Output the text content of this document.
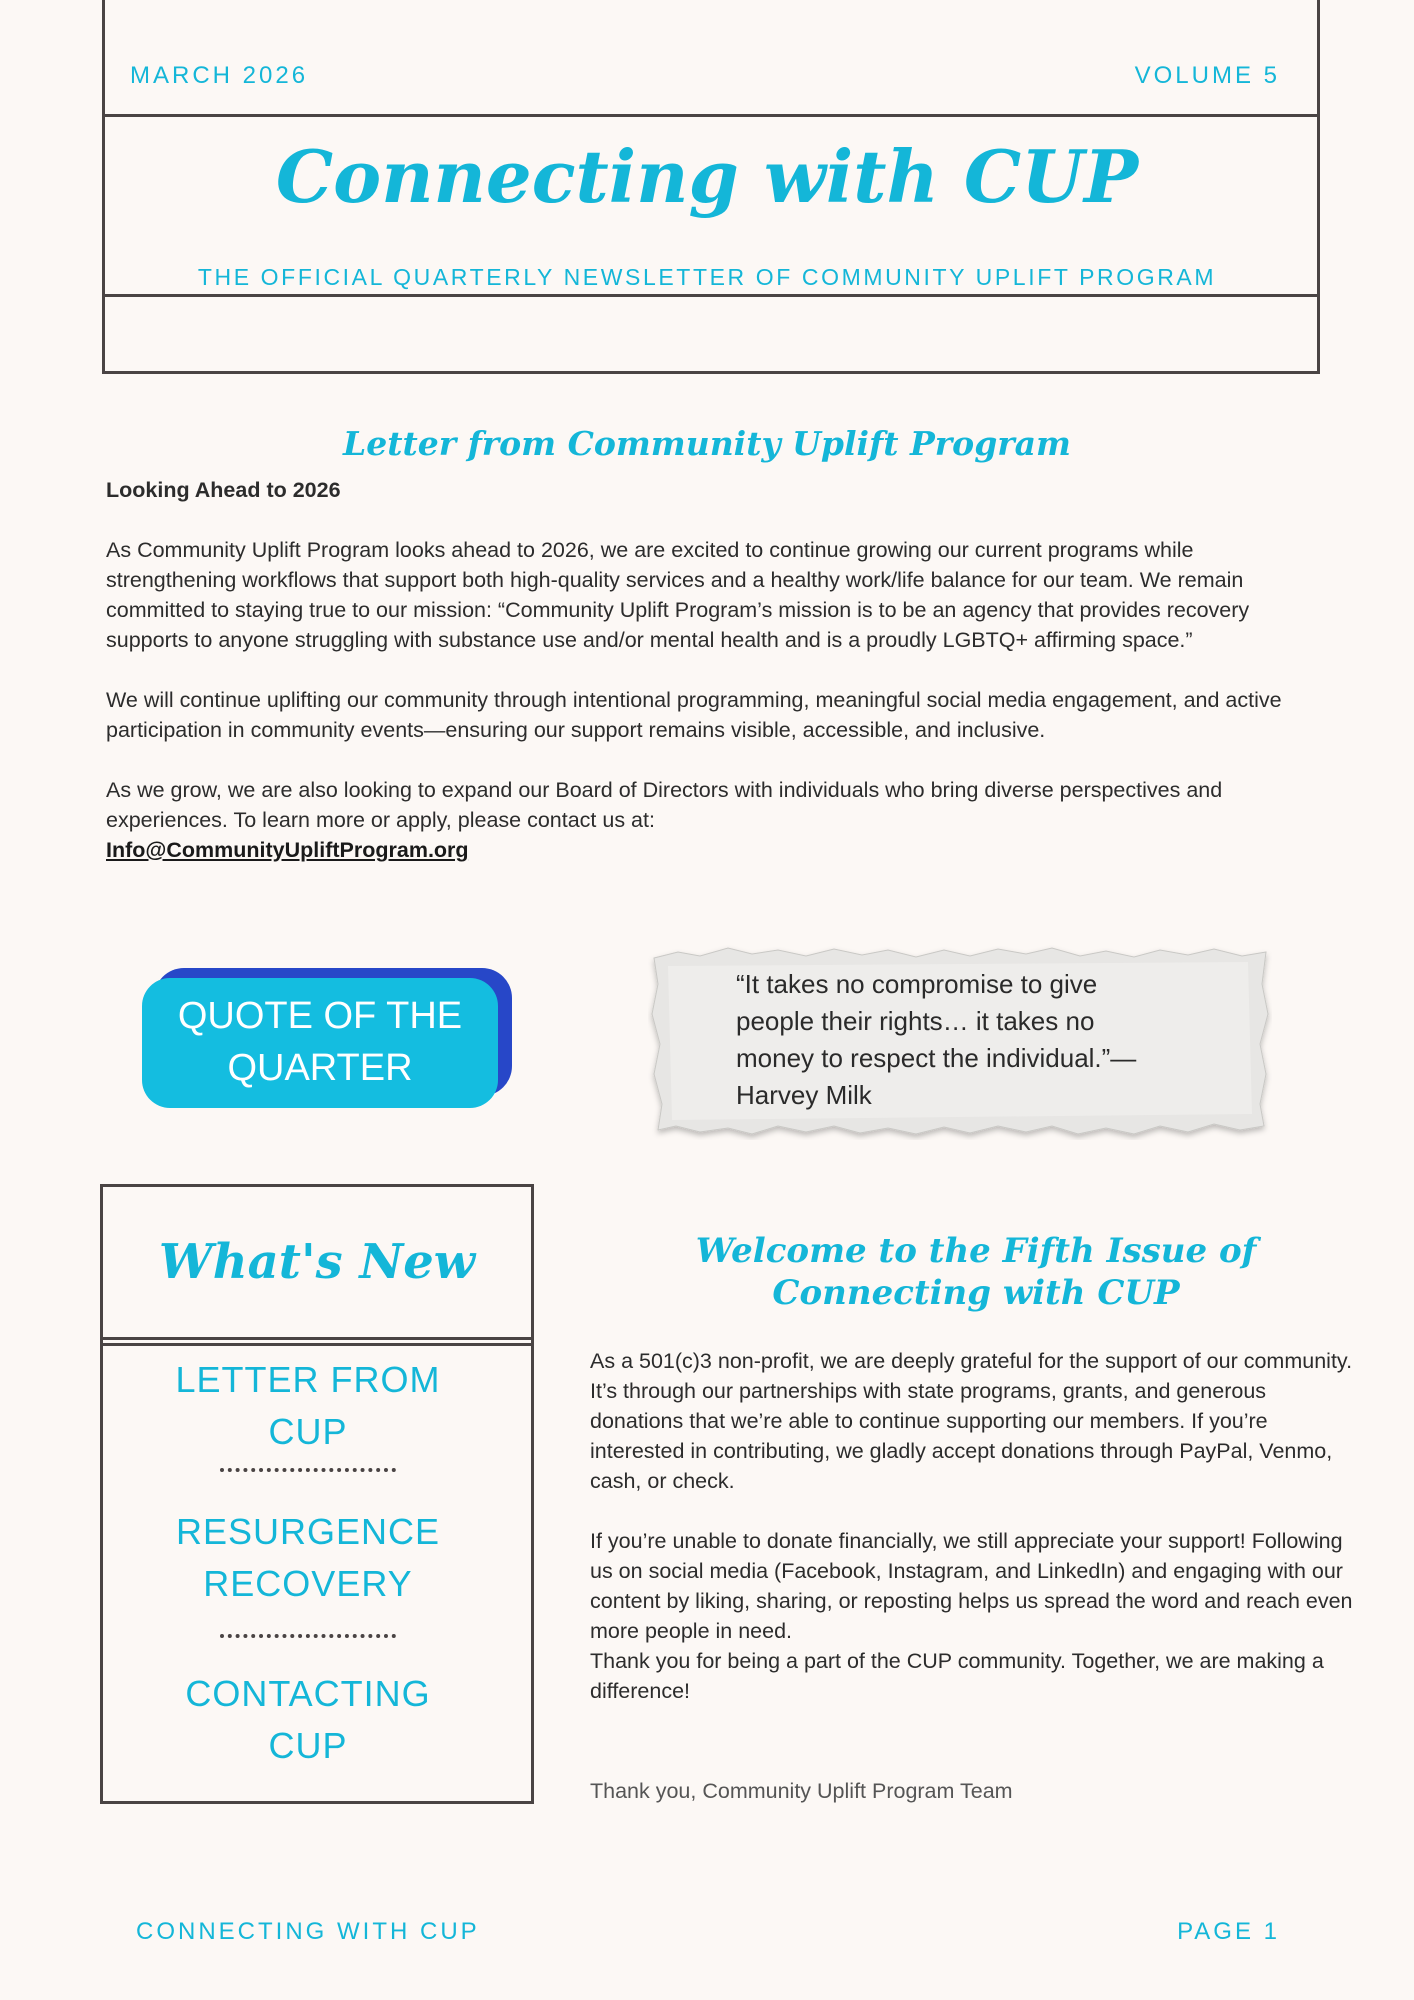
MARCH 2026	VOLUME 5
Connecting with CUP
THE OFFICIAL QUARTERLY NEWSLETTER OF COMMUNITY UPLIFT PROGRAM
Letter from Community Uplift Program
Looking Ahead to 2026

As Community Uplift Program looks ahead to 2026, we are excited to continue growing our current programs while strengthening workflows that support both high-quality services and a healthy work/life balance for our team. We remain committed to staying true to our mission: “Community Uplift Program’s mission is to be an agency that provides recovery supports to anyone struggling with substance use and/or mental health and is a proudly LGBTQ+ affirming space.”

We will continue uplifting our community through intentional programming, meaningful social media engagement, and active participation in community events—ensuring our support remains visible, accessible, and inclusive.

As we grow, we are also looking to expand our Board of Directors with individuals who bring diverse perspectives and experiences. To learn more or apply, please contact us at:

Info@CommunityUpliftProgram.org
QUOTE OF THE
QUARTER
“It takes no compromise to give people their rights… it takes no money to respect the individual.”— Harvey Milk
What's New
LETTER FROM CUP
RESURGENCE RECOVERY
CONTACTING CUP
Welcome to the Fifth Issue of Connecting with CUP

As a 501(c)3 non-profit, we are deeply grateful for the support of our community. It’s through our partnerships with state programs, grants, and generous donations that we’re able to continue supporting our members. If you’re interested in contributing, we gladly accept donations through PayPal, Venmo, cash, or check.

If you’re unable to donate financially, we still appreciate your support! Following us on social media (Facebook, Instagram, and LinkedIn) and engaging with our content by liking, sharing, or reposting helps us spread the word and reach even more people in need.
Thank you for being a part of the CUP community. Together, we are making a difference!
Thank you, Community Uplift Program Team
CONNECTING WITH CUP	PAGE 1
